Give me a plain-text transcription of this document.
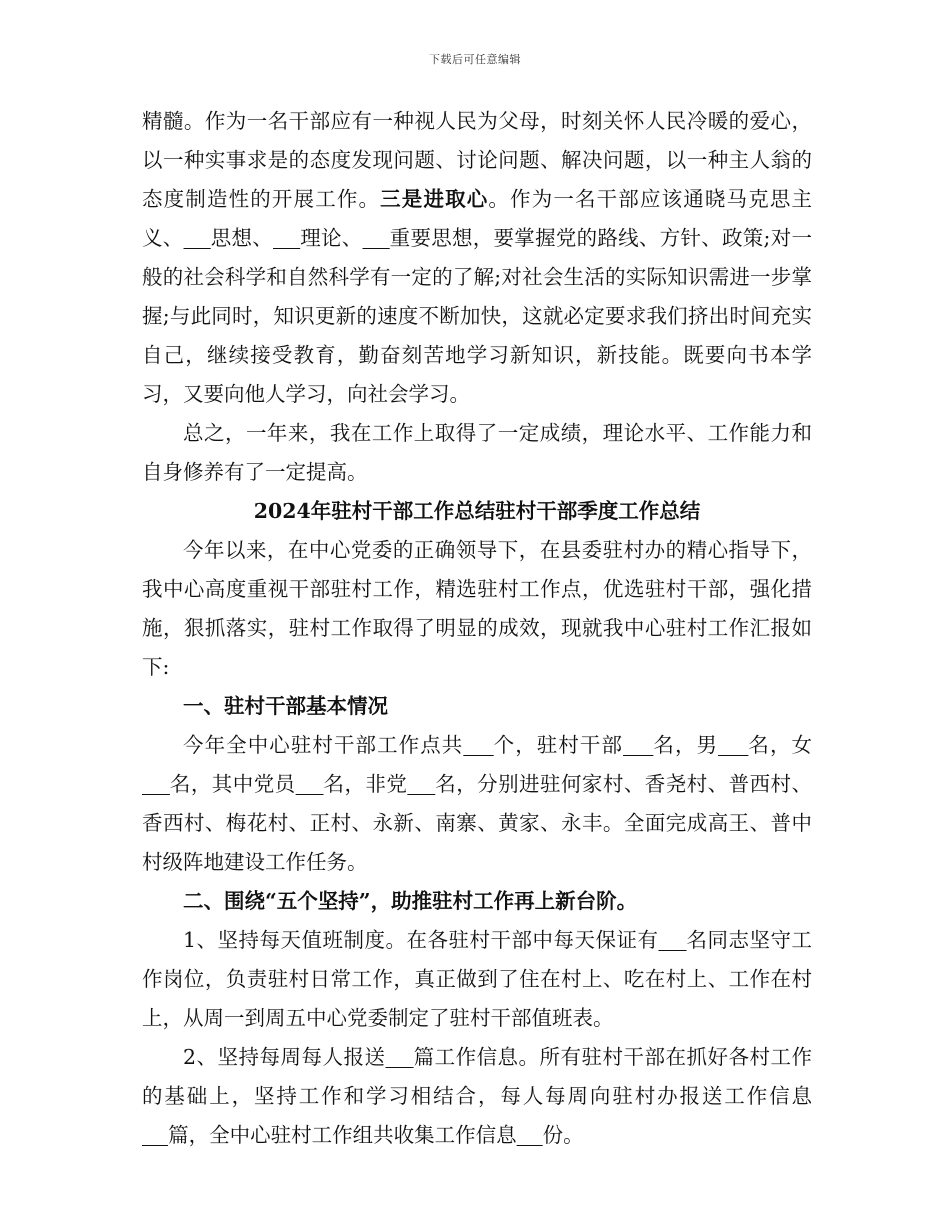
下载后可任意编辑

精髓。作为一名干部应有一种视人民为父母，时刻关怀人民冷暖的爱心，以一种实事求是的态度发现问题、讨论问题、解决问题，以一种主人翁的态度制造性的开展工作。三是进取心。作为一名干部应该通晓马克思主义、 思想、 理论、 重要思想，要掌握党的路线、方针、政策;对一般的社会科学和自然科学有一定的了解;对社会生活的实际知识需进一步掌握;与此同时，知识更新的速度不断加快，这就必定要求我们挤出时间充实自己，继续接受教育，勤奋刻苦地学习新知识，新技能。既要向书本学习，又要向他人学习，向社会学习。

总之，一年来，我在工作上取得了一定成绩，理论水平、工作能力和自身修养有了一定提高。

2024年驻村干部工作总结驻村干部季度工作总结

今年以来，在中心党委的正确领导下，在县委驻村办的精心指导下，我中心高度重视干部驻村工作，精选驻村工作点，优选驻村干部，强化措施，狠抓落实，驻村工作取得了明显的成效，现就我中心驻村工作汇报如下:

一、驻村干部基本情况

今年全中心驻村干部工作点共 个，驻村干部 名，男 名，女    名，其中党员 名，非党 名，分别进驻何家村、香尧村、普西村、香西村、梅花村、正村、永新、南寨、黄家、永丰。全面完成高王、普中村级阵地建设工作任务。

二、围绕“五个坚持”，助推驻村工作再上新台阶。

1、坚持每天值班制度。在各驻村干部中每天保证有 名同志坚守工作岗位，负责驻村日常工作，真正做到了住在村上、吃在村上、工作在村上，从周一到周五中心党委制定了驻村干部值班表。

2、坚持每周每人报送 篇工作信息。所有驻村干部在抓好各村工作的基础上，坚持工作和学习相结合，每人每周向驻村办报送工作信息    篇，全中心驻村工作组共收集工作信息 份。
